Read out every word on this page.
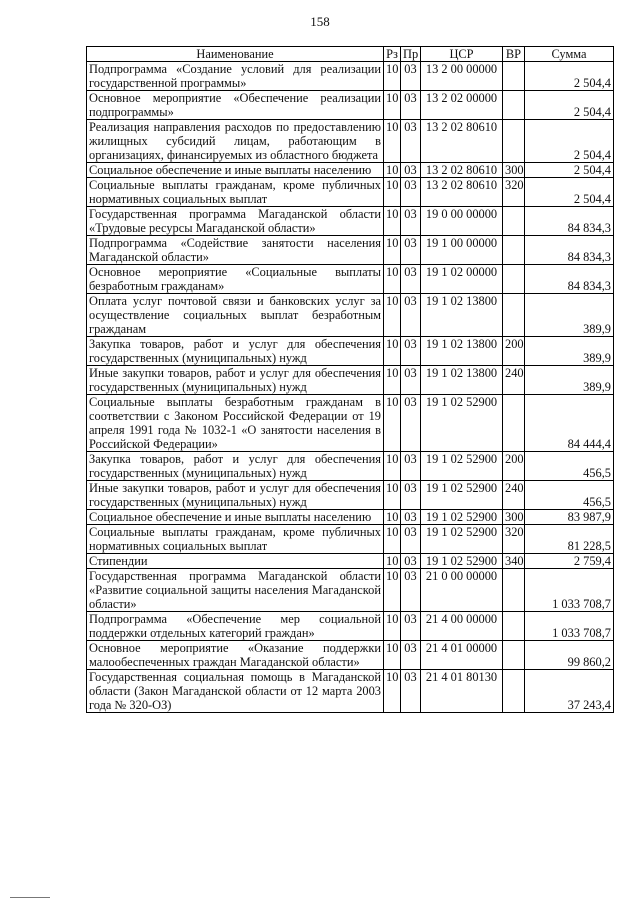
158
Наименование	Рз	Пр	ЦСР	ВР	Сумма
Подпрограмма «Создание условий для реализации государственной программы»	10	03	13 2 00 00000		2 504,4
Основное мероприятие «Обеспечение реализации подпрограммы»	10	03	13 2 02 00000		2 504,4
Реализация направления расходов по предоставлению жилищных субсидий лицам, работающим в организациях, финансируемых из областного бюджета	10	03	13 2 02 80610		2 504,4
Социальное обеспечение и иные выплаты населению	10	03	13 2 02 80610	300	2 504,4
Социальные выплаты гражданам, кроме публичных нормативных социальных выплат	10	03	13 2 02 80610	320	2 504,4
Государственная программа Магаданской области «Трудовые ресурсы Магаданской области»	10	03	19 0 00 00000		84 834,3
Подпрограмма «Содействие занятости населения Магаданской области»	10	03	19 1 00 00000		84 834,3
Основное мероприятие «Социальные выплаты безработным гражданам»	10	03	19 1 02 00000		84 834,3
Оплата услуг почтовой связи и банковских услуг за осуществление социальных выплат безработным гражданам	10	03	19 1 02 13800		389,9
Закупка товаров, работ и услуг для обеспечения государственных (муниципальных) нужд	10	03	19 1 02 13800	200	389,9
Иные закупки товаров, работ и услуг для обеспечения государственных (муниципальных) нужд	10	03	19 1 02 13800	240	389,9
Социальные выплаты безработным гражданам в соответствии с Законом Российской Федерации от 19 апреля 1991 года № 1032-1 «О занятости населения в Российской Федерации»	10	03	19 1 02 52900		84 444,4
Закупка товаров, работ и услуг для обеспечения государственных (муниципальных) нужд	10	03	19 1 02 52900	200	456,5
Иные закупки товаров, работ и услуг для обеспечения государственных (муниципальных) нужд	10	03	19 1 02 52900	240	456,5
Социальное обеспечение и иные выплаты населению	10	03	19 1 02 52900	300	83 987,9
Социальные выплаты гражданам, кроме публичных нормативных социальных выплат	10	03	19 1 02 52900	320	81 228,5
Стипендии	10	03	19 1 02 52900	340	2 759,4
Государственная программа Магаданской области «Развитие социальной защиты населения Магаданской области»	10	03	21 0 00 00000		1 033 708,7
Подпрограмма «Обеспечение мер социальной поддержки отдельных категорий граждан»	10	03	21 4 00 00000		1 033 708,7
Основное мероприятие «Оказание поддержки малообеспеченных граждан Магаданской области»	10	03	21 4 01 00000		99 860,2
Государственная социальная помощь в Магаданской области (Закон Магаданской области от 12 марта 2003 года № 320-ОЗ)	10	03	21 4 01 80130		37 243,4
